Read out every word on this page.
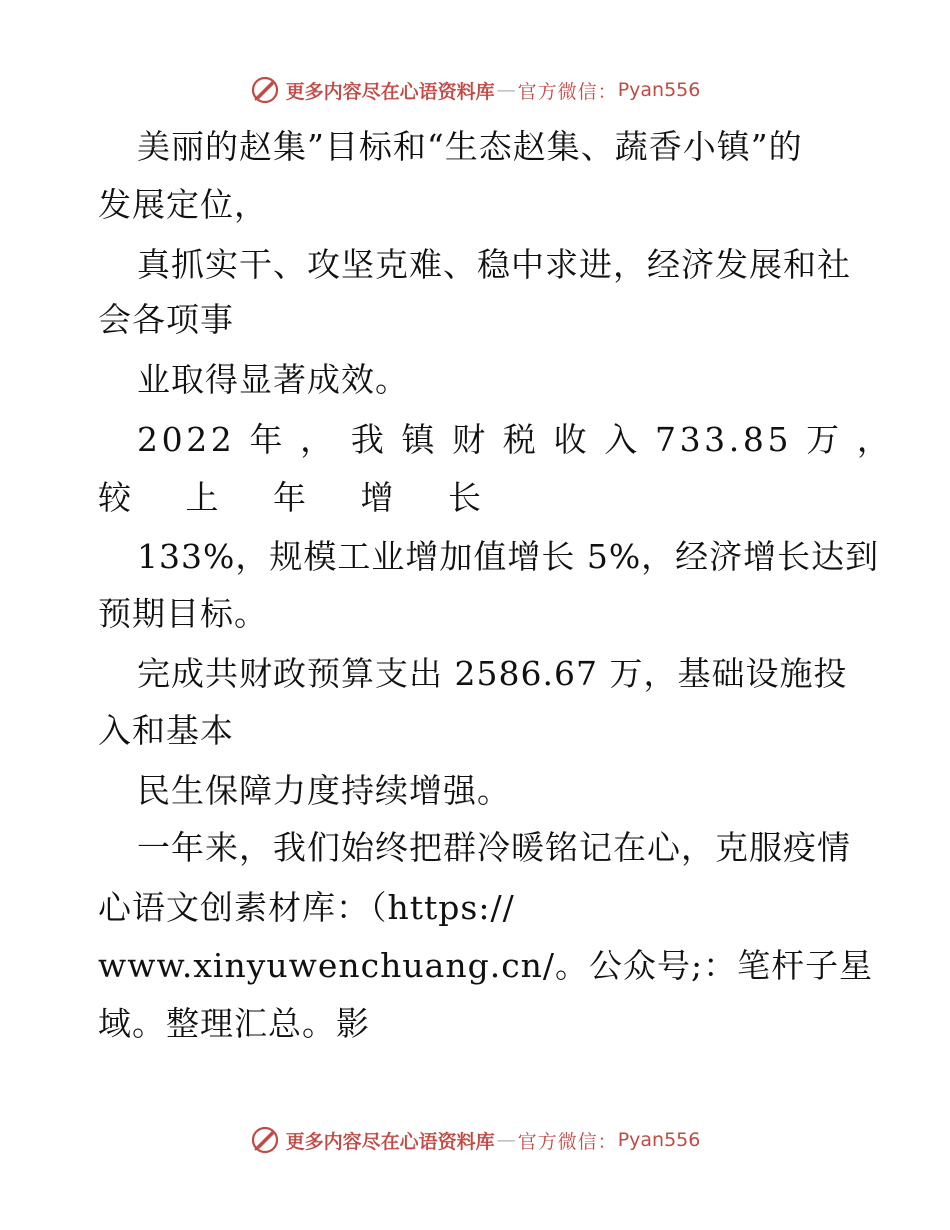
更多内容尽在心语资料库 — 官方微信： Pyan556
美丽的赵集”目标和“生态赵集、蔬香小镇”的
发展定位，
真抓实干、攻坚克难、稳中求进，经济发展和社
会各项事
业取得显著成效。
2022 年 ， 我 镇 财 税 收 入 733.85 万 ，
较 上 年 增 长
133%，规模工业增加值增长 5%，经济增长达到
预期目标。
完成共财政预算支出 2586.67 万，基础设施投
入和基本
民生保障力度持续增强。
一年来，我们始终把群冷暖铭记在心，克服疫情
心语文创素材库：（https://
www.xinyuwenchuang.cn/。公众号;：笔杆子星
域。整理汇总。影
更多内容尽在心语资料库 — 官方微信： Pyan556
